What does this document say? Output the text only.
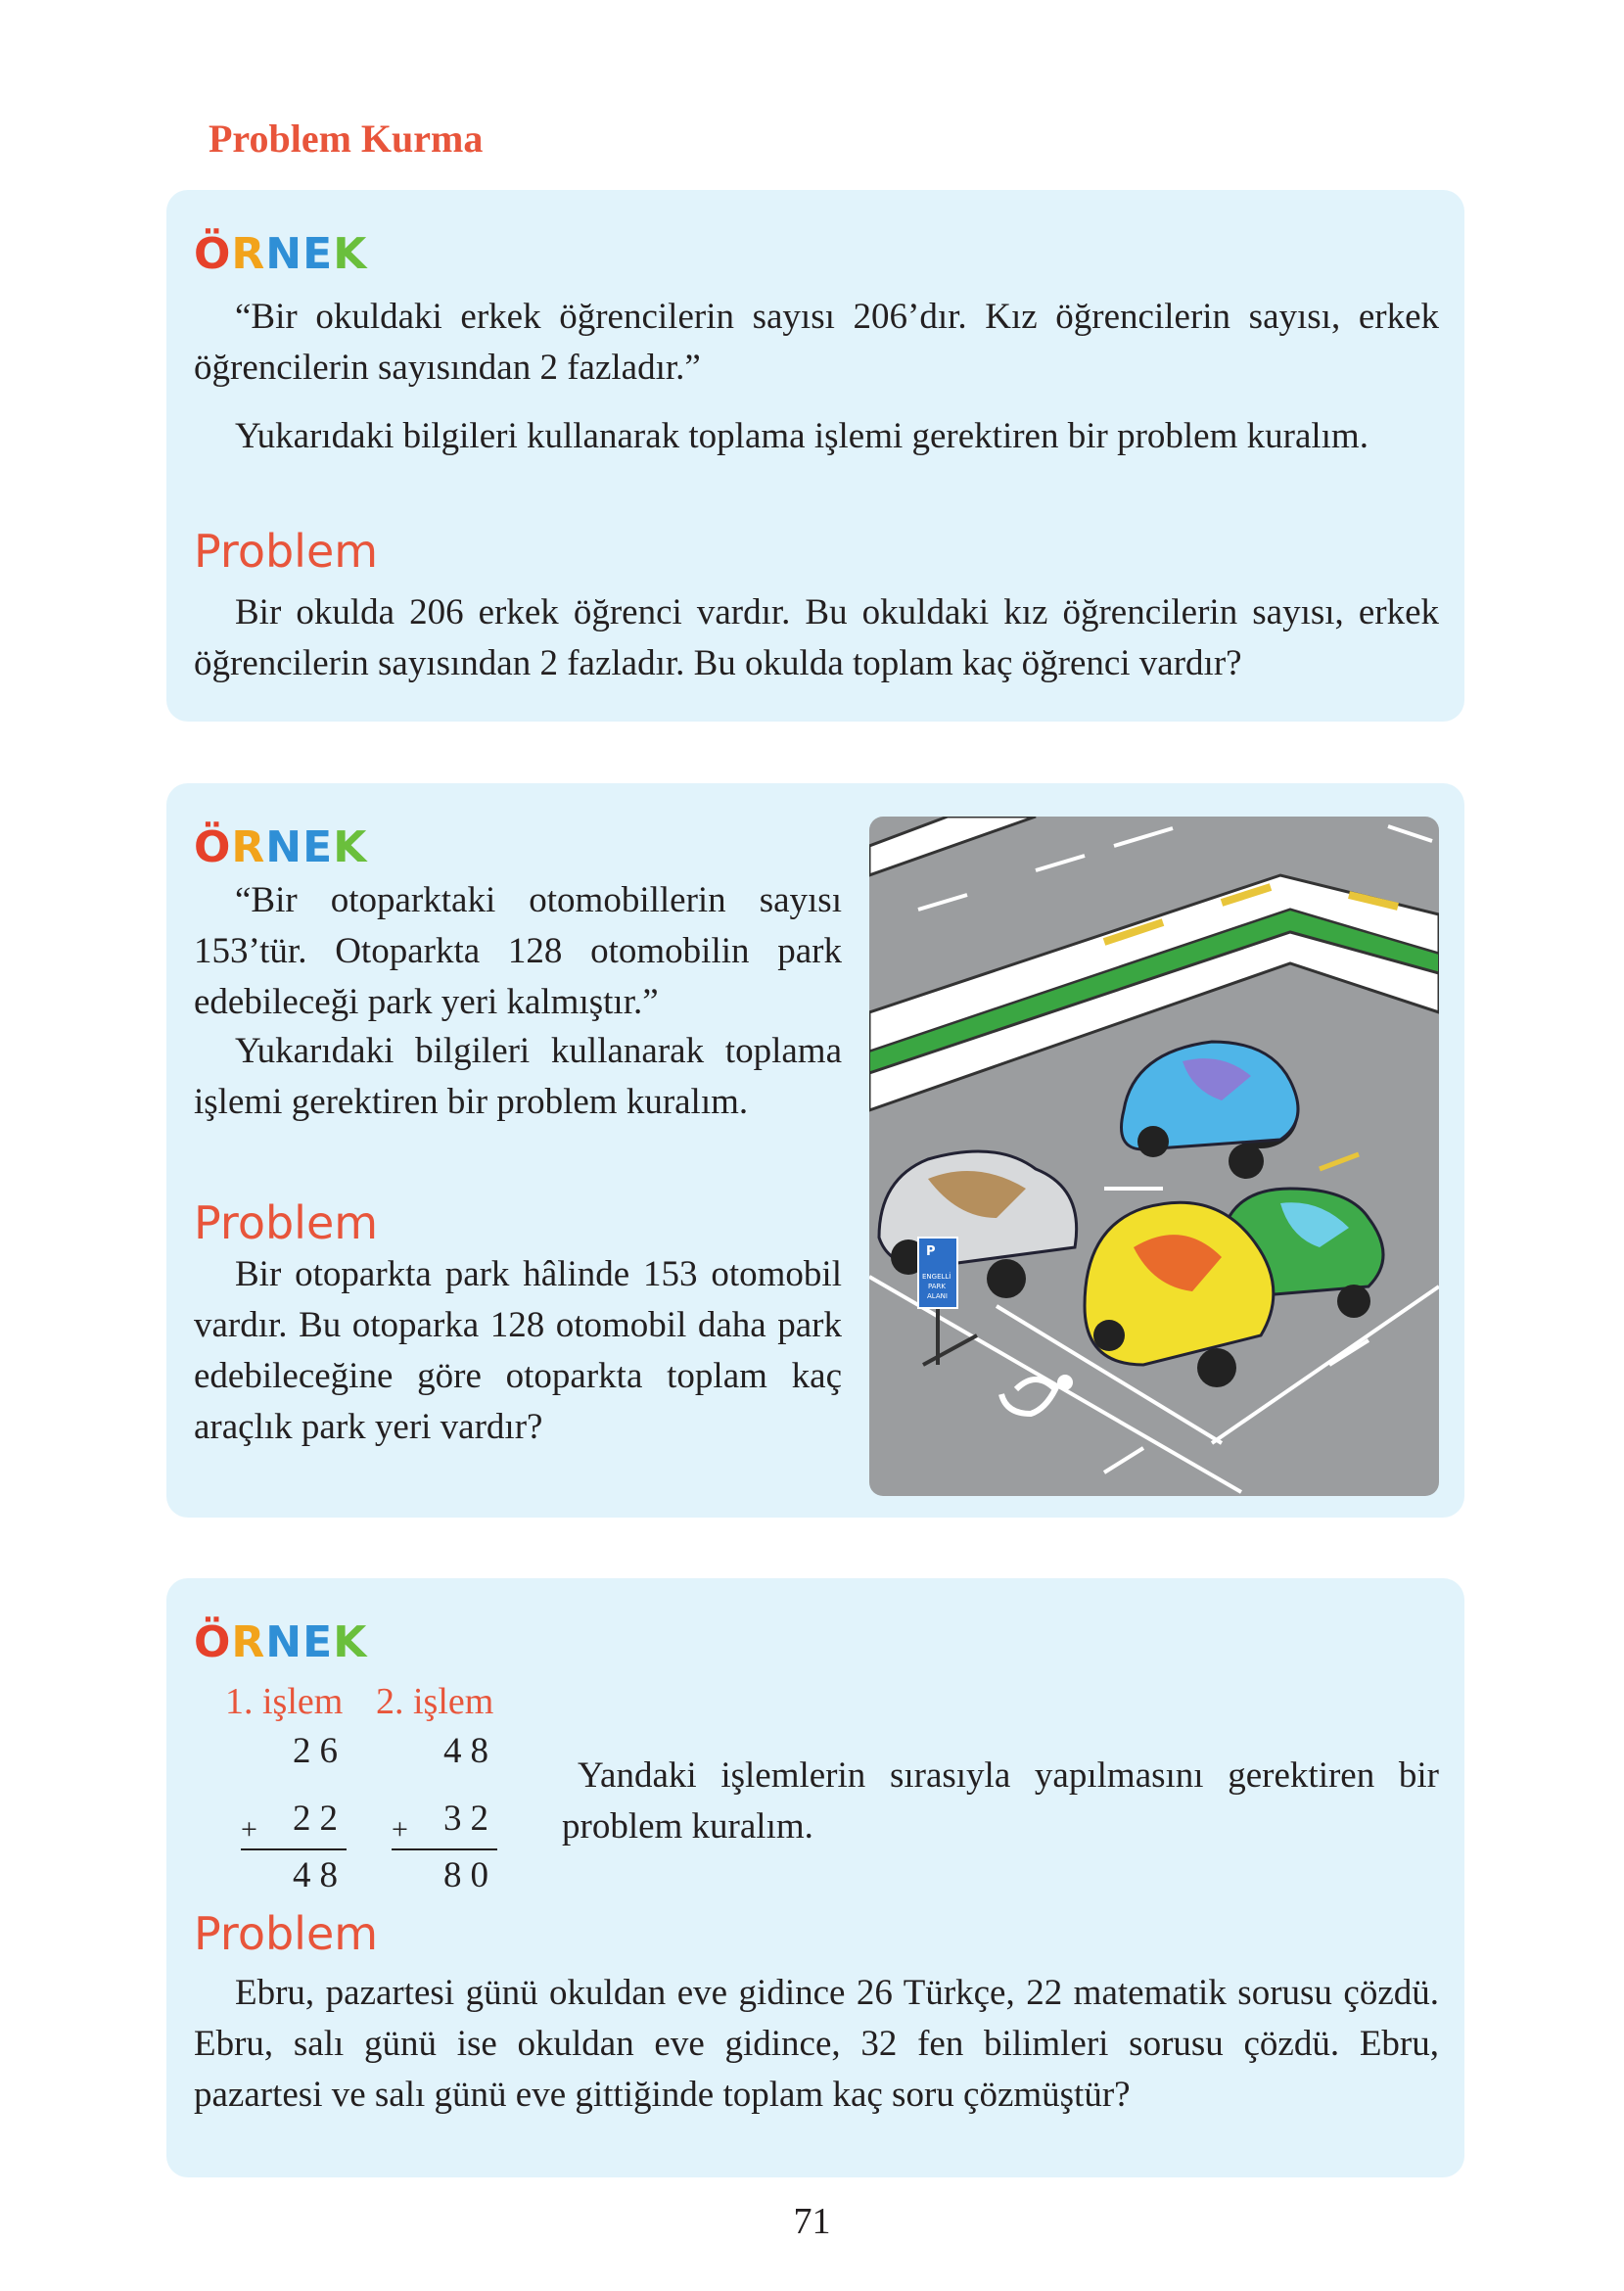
Problem Kurma
ÖRNEK
“Bir okuldaki erkek öğrencilerin sayısı 206’dır. Kız öğrencilerin sayısı, erkek öğrencilerin sayısından 2 fazladır.”
Yukarıdaki bilgileri kullanarak toplama işlemi gerektiren bir problem kuralım.
Problem
Bir okulda 206 erkek öğrenci vardır. Bu okuldaki kız öğrencilerin sayısı, erkek öğrencilerin sayısından 2 fazladır. Bu okulda toplam kaç öğrenci vardır?
ÖRNEK
“Bir otoparktaki otomobillerin sayısı 153’tür. Otoparkta 128 otomobilin park edebileceği park yeri kalmıştır.”
Yukarıdaki bilgileri kullanarak toplama işlemi gerektiren bir problem kuralım.
Problem
Bir otoparkta park hâlinde 153 otomobil vardır. Bu otoparka 128 otomobil daha park edebileceğine göre otoparkta toplam kaç araçlık park yeri vardır?
P
ENGELLİ
PARK
ALANI
ÖRNEK
1. işlem 2. işlem
26
+ 22
48
48
+ 32
80
Yandaki işlemlerin sırasıyla yapılmasını gerektiren bir problem kuralım.
Problem
Ebru, pazartesi günü okuldan eve gidince 26 Türkçe, 22 matematik sorusu çözdü. Ebru, salı günü ise okuldan eve gidince, 32 fen bilimleri sorusu çözdü. Ebru, pazartesi ve salı günü eve gittiğinde toplam kaç soru çözmüştür?
71
